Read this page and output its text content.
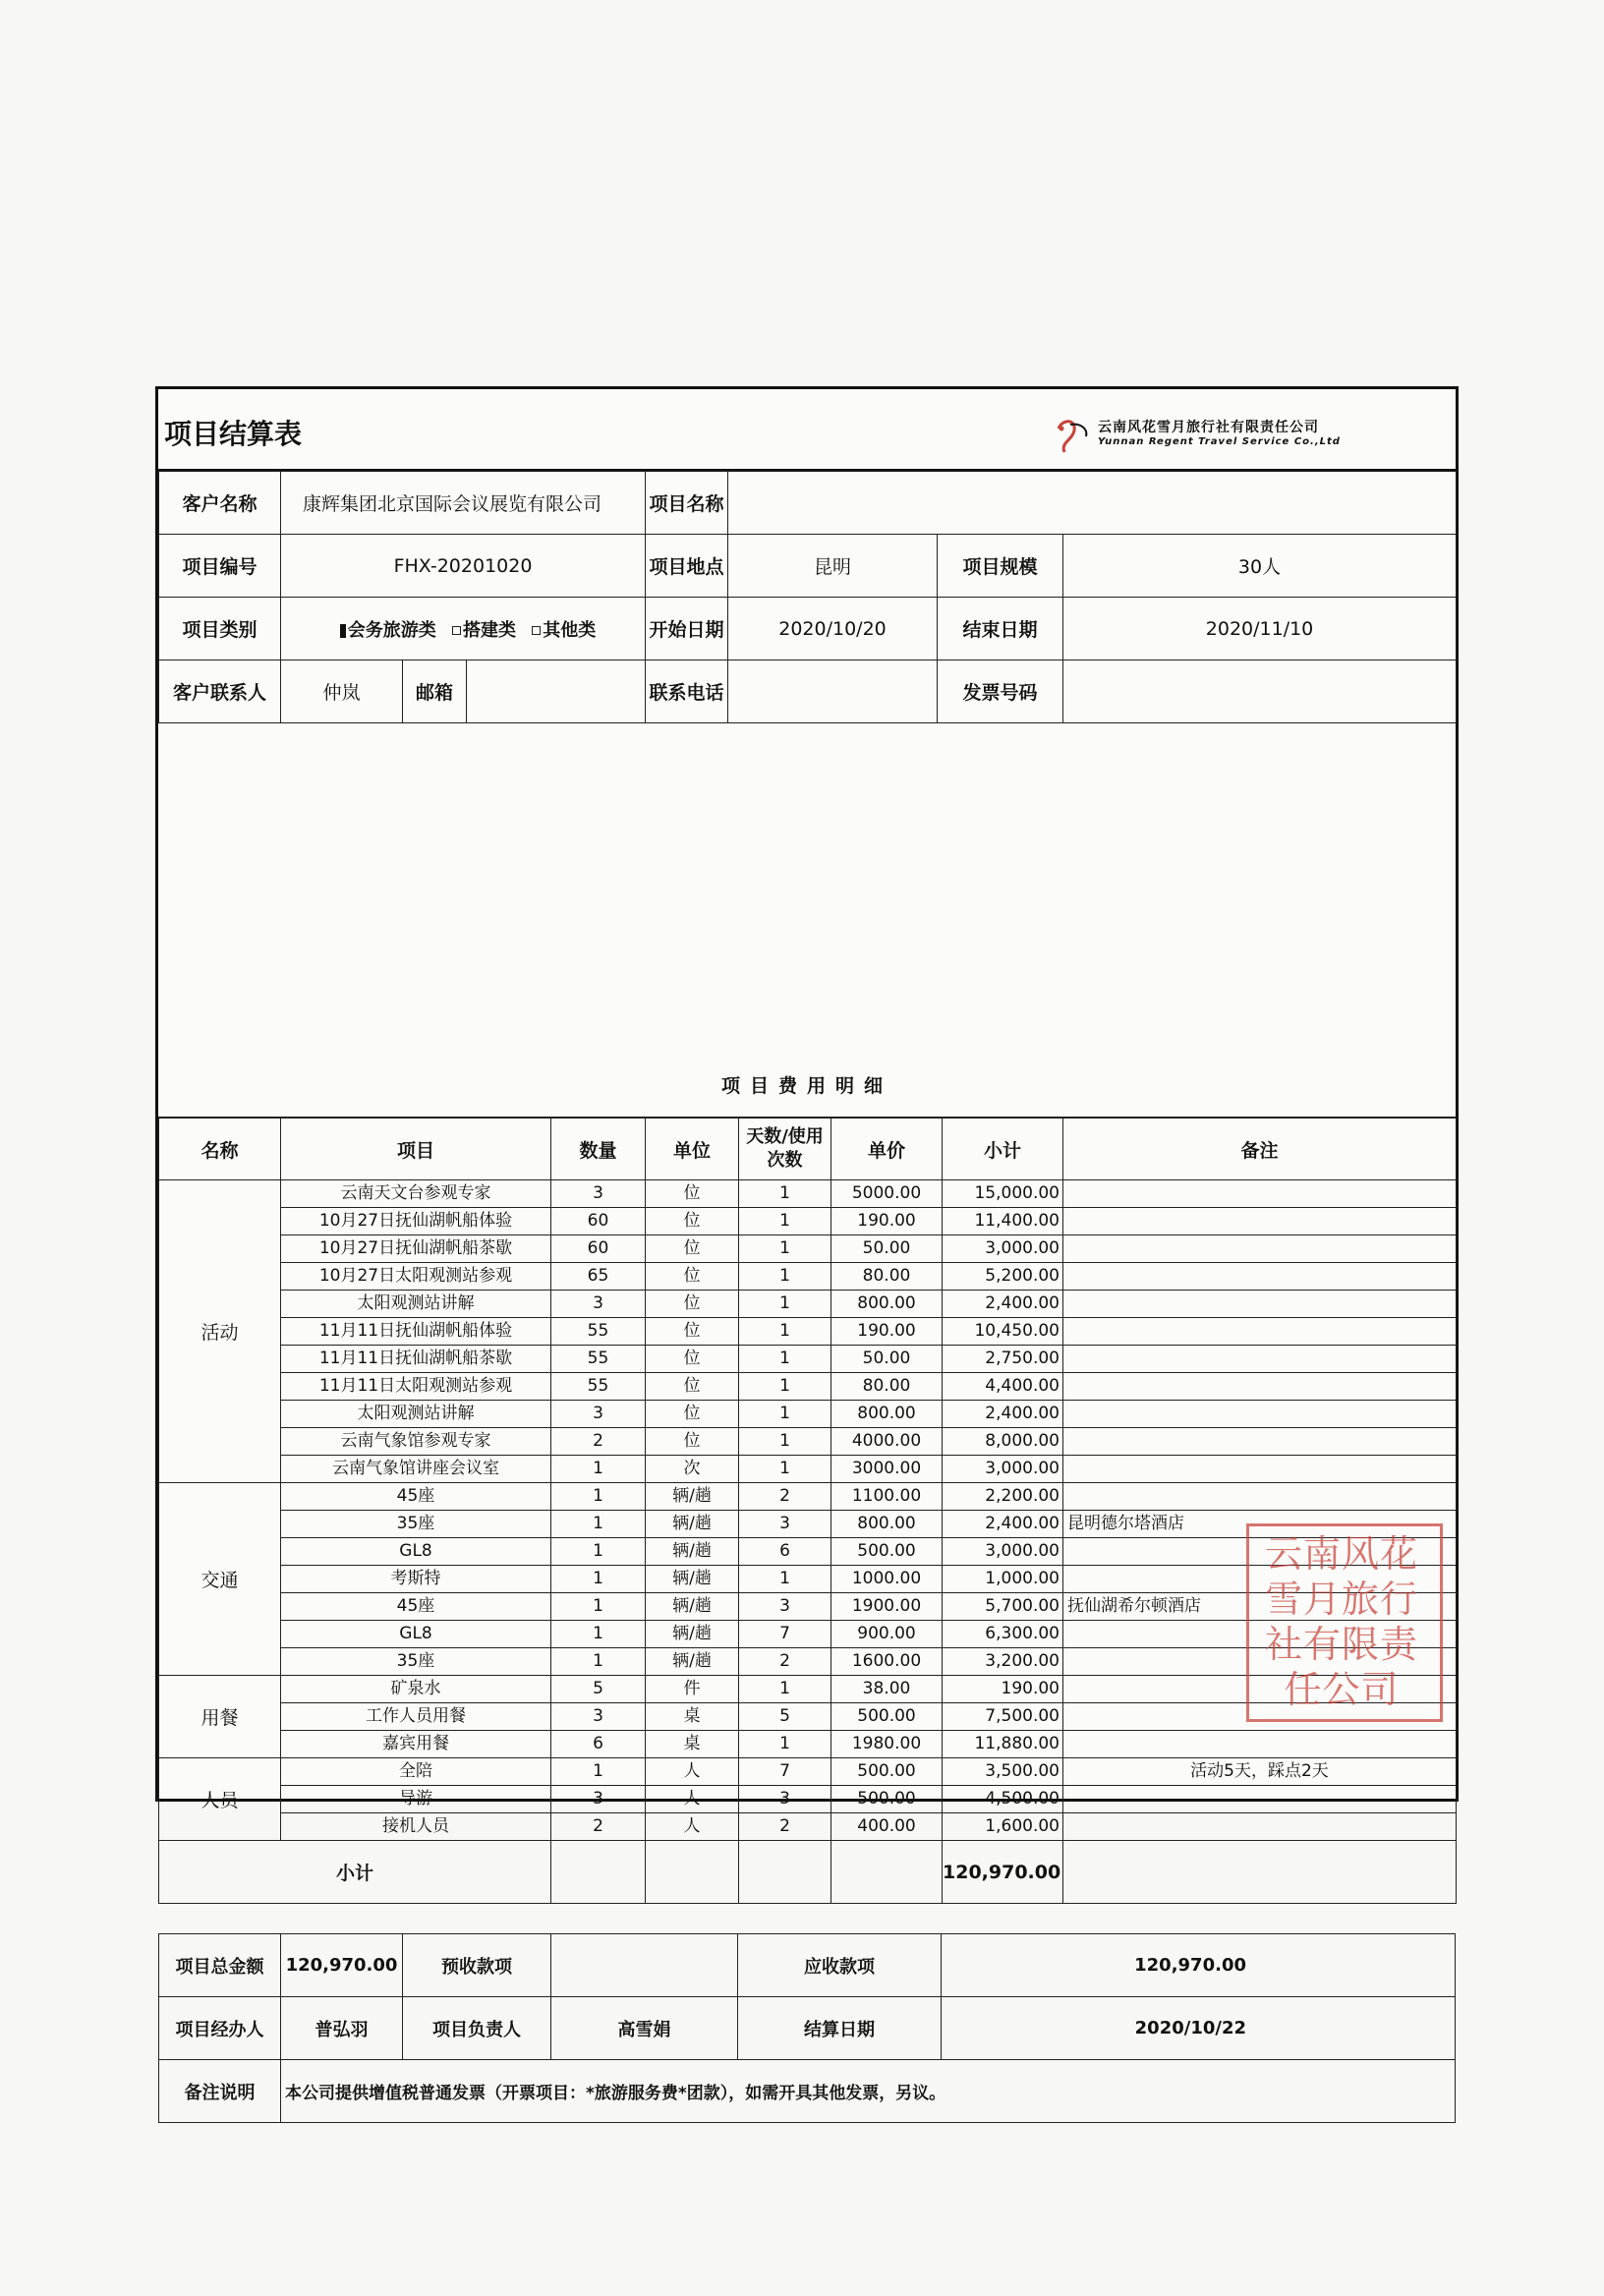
项目结算表	云南风花雪月旅行社有限责任公司
Yunnan Regent Travel Service Co.,Ltd
客户名称	康辉集团北京国际会议展览有限公司			项目名称			
项目编号	FHX-20201020			项目地点	昆明	项目规模	30人
项目类别	会务旅游类 搭建类 其他类			开始日期	2020/10/20	结束日期	2020/11/10
客户联系人	仲岚	邮箱		联系电话		发票号码	
项目费用明细
名称	项目	数量	单位	天数/使用次数	单价	小计	备注
活动	云南天文台参观专家	3	位	1	5000.00	15,000.00	
	10月27日抚仙湖帆船体验	60	位	1	190.00	11,400.00	
	10月27日抚仙湖帆船茶歇	60	位	1	50.00	3,000.00	
	10月27日太阳观测站参观	65	位	1	80.00	5,200.00	
	太阳观测站讲解	3	位	1	800.00	2,400.00	
	11月11日抚仙湖帆船体验	55	位	1	190.00	10,450.00	
	11月11日抚仙湖帆船茶歇	55	位	1	50.00	2,750.00	
	11月11日太阳观测站参观	55	位	1	80.00	4,400.00	
	太阳观测站讲解	3	位	1	800.00	2,400.00	
	云南气象馆参观专家	2	位	1	4000.00	8,000.00	
	云南气象馆讲座会议室	1	次	1	3000.00	3,000.00	
交通	45座	1	辆/趟	2	1100.00	2,200.00	
	35座	1	辆/趟	3	800.00	2,400.00	昆明德尔塔酒店
	GL8	1	辆/趟	6	500.00	3,000.00	
	考斯特	1	辆/趟	1	1000.00	1,000.00	
	45座	1	辆/趟	3	1900.00	5,700.00	抚仙湖希尔顿酒店
	GL8	1	辆/趟	7	900.00	6,300.00	
	35座	1	辆/趟	2	1600.00	3,200.00	
用餐	矿泉水	5	件	1	38.00	190.00	
	工作人员用餐	3	桌	5	500.00	7,500.00	
	嘉宾用餐	6	桌	1	1980.00	11,880.00	
人员	全陪	1	人	7	500.00	3,500.00	活动5天，踩点2天
	导游	3	人	3	500.00	4,500.00	
	接机人员	2	人	2	400.00	1,600.00	
小计						120,970.00	
项目总金额	120,970.00	预收款项		应收款项	120,970.00
项目经办人	普弘羽	项目负责人	高雪娟	结算日期	2020/10/22
备注说明	本公司提供增值税普通发票（开票项目：*旅游服务费*团款），如需开具其他发票，另议。				
云南风花雪月旅行社有限责任公司
